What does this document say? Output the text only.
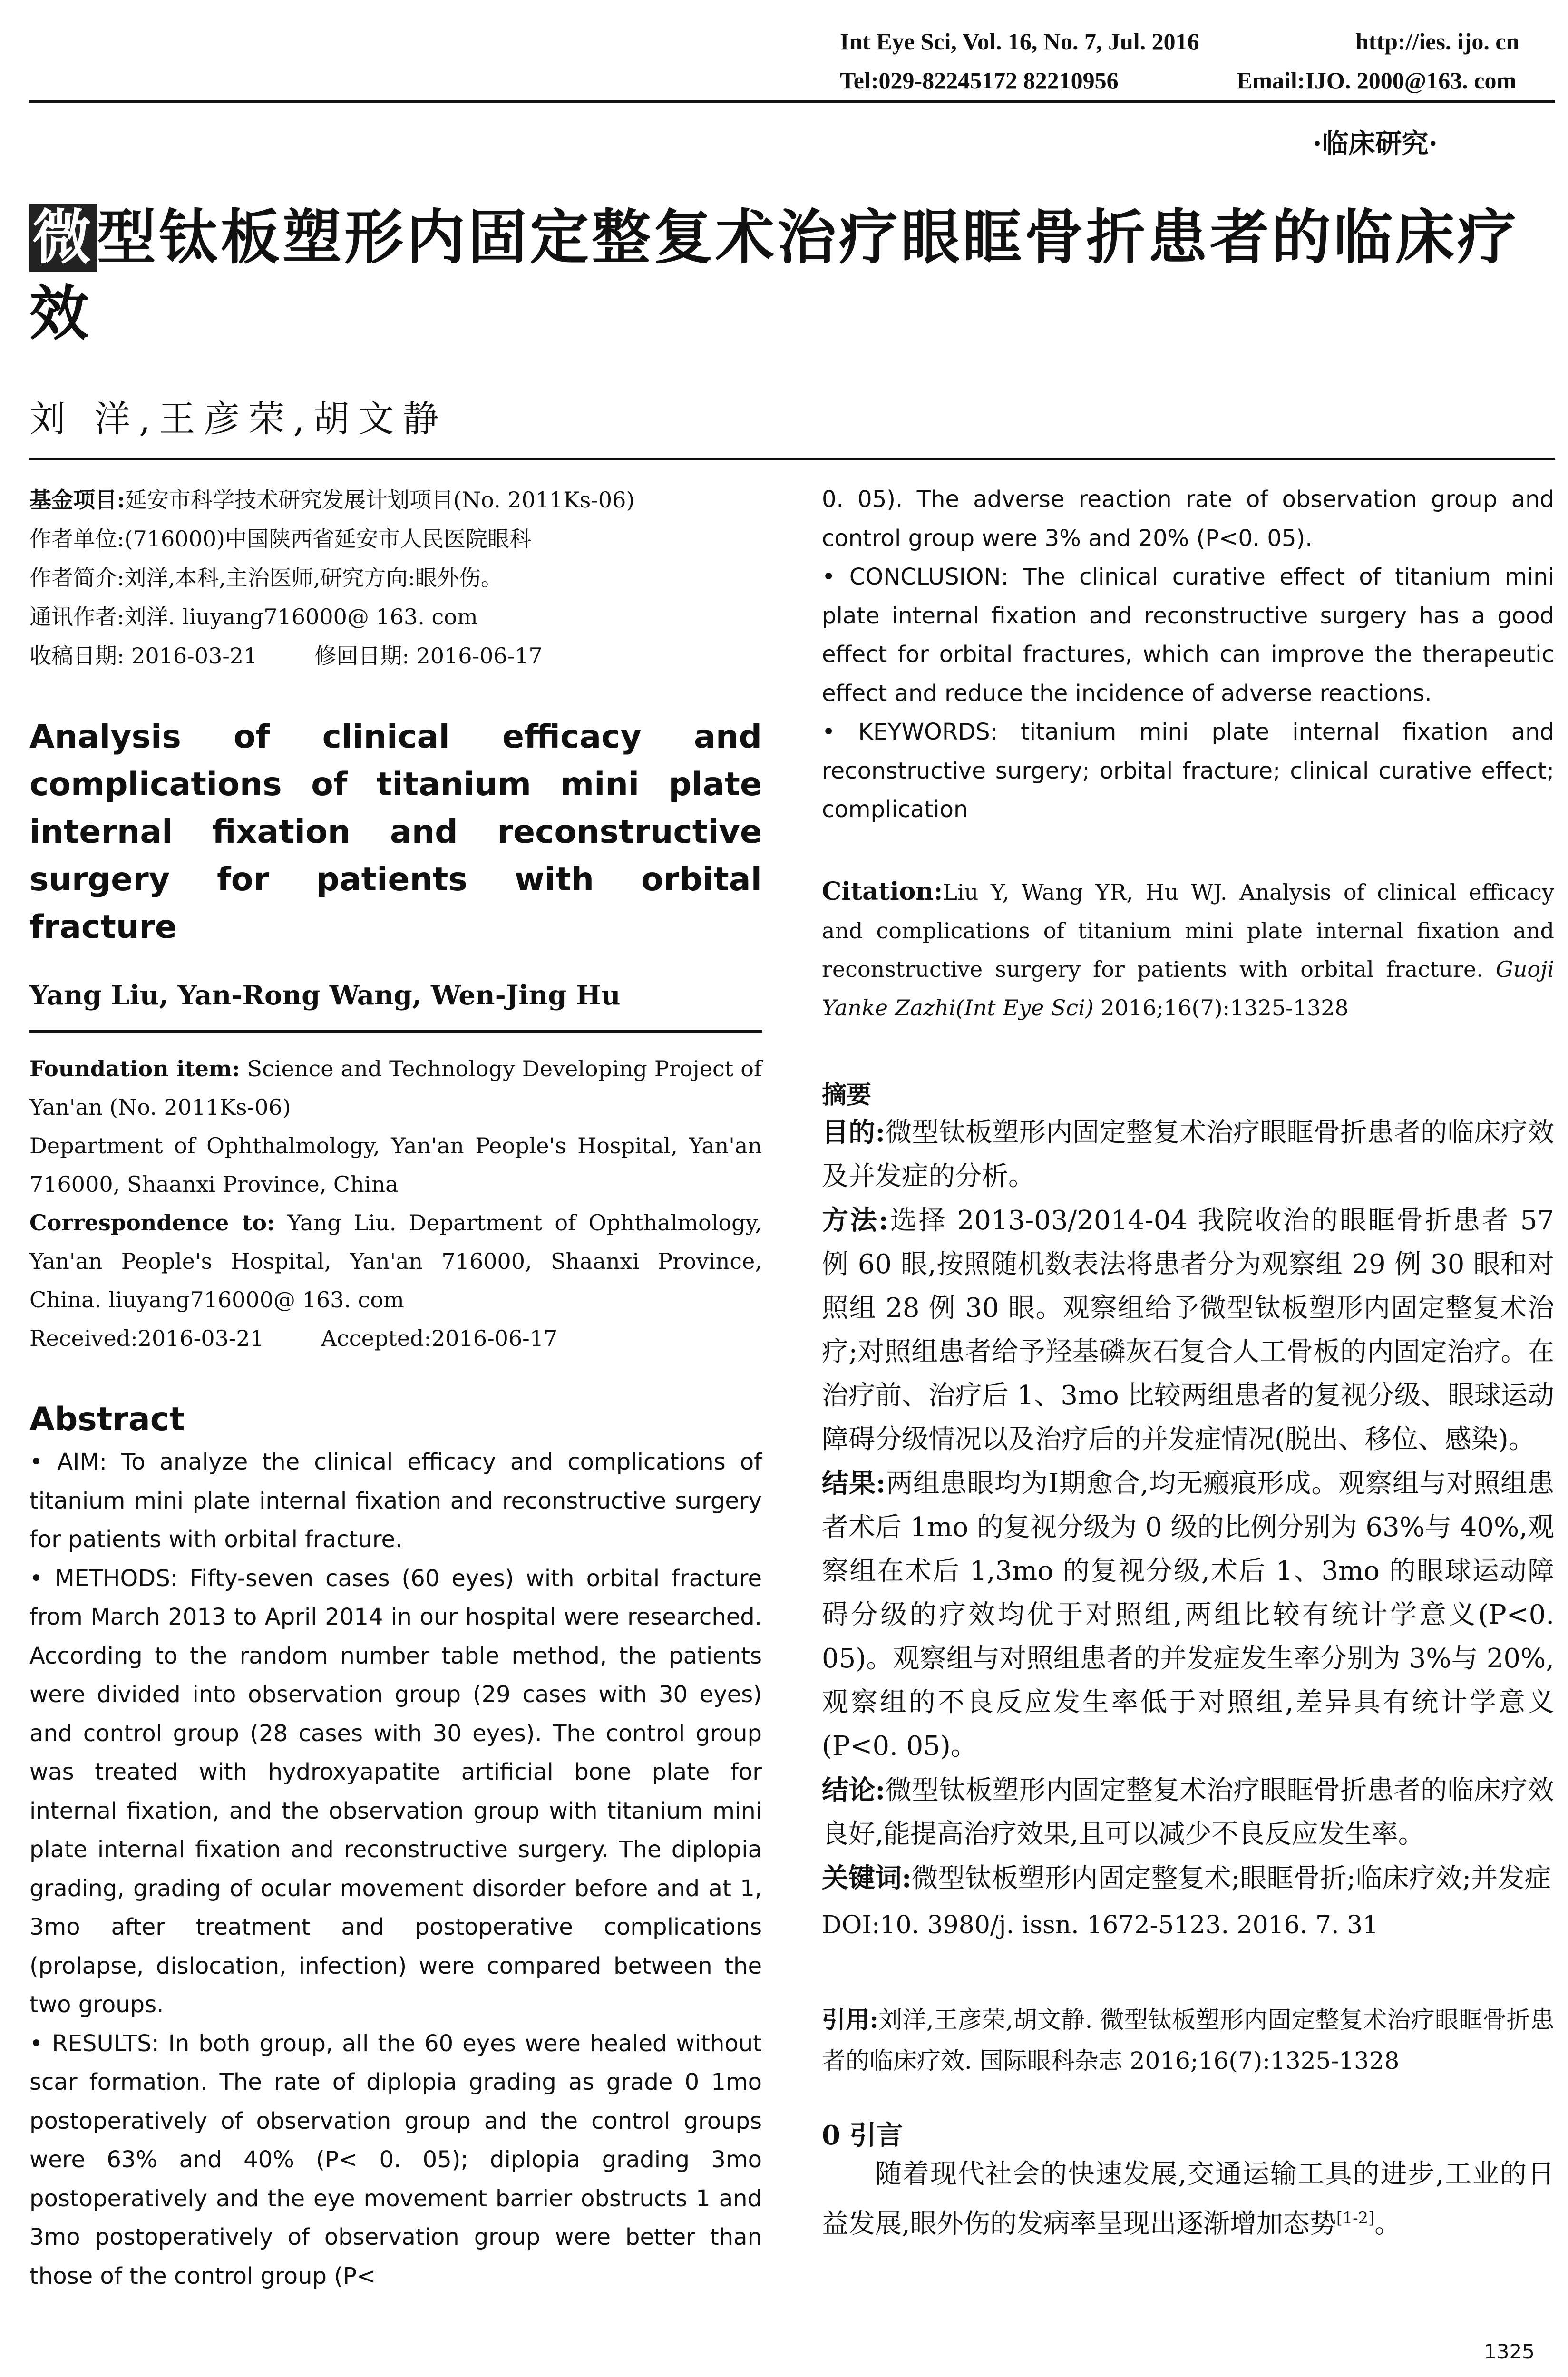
Int Eye Sci, Vol. 16, No. 7, Jul. 2016	http://ies. ijo. cn
Tel:029-82245172 82210956	Email:IJO. 2000@163. com
·临床研究·
微型钛板塑形内固定整复术治疗眼眶骨折患者的临床疗效
刘 洋,王彦荣,胡文静
基金项目:延安市科学技术研究发展计划项目(No. 2011Ks-06)
作者单位:(716000)中国陕西省延安市人民医院眼科
作者简介:刘洋,本科,主治医师,研究方向:眼外伤。
通讯作者:刘洋. liuyang716000@ 163. com
收稿日期: 2016-03-21	修回日期: 2016-06-17
Analysis of clinical efficacy and complications of titanium mini plate internal fixation and reconstructive surgery for patients with orbital fracture
Yang Liu, Yan-Rong Wang, Wen-Jing Hu
Foundation item: Science and Technology Developing Project of Yan'an (No. 2011Ks-06)
Department of Ophthalmology, Yan'an People's Hospital, Yan'an 716000, Shaanxi Province, China
Correspondence to: Yang Liu. Department of Ophthalmology, Yan'an People's Hospital, Yan'an 716000, Shaanxi Province, China. liuyang716000@ 163. com
Received:2016-03-21	Accepted:2016-06-17
Abstract

• AIM: To analyze the clinical efficacy and complications of titanium mini plate internal fixation and reconstructive surgery for patients with orbital fracture.

• METHODS: Fifty-seven cases (60 eyes) with orbital fracture from March 2013 to April 2014 in our hospital were researched. According to the random number table method, the patients were divided into observation group (29 cases with 30 eyes) and control group (28 cases with 30 eyes). The control group was treated with hydroxyapatite artificial bone plate for internal fixation, and the observation group with titanium mini plate internal fixation and reconstructive surgery. The diplopia grading, grading of ocular movement disorder before and at 1, 3mo after treatment and postoperative complications (prolapse, dislocation, infection) were compared between the two groups.

• RESULTS: In both group, all the 60 eyes were healed without scar formation. The rate of diplopia grading as grade 0 1mo postoperatively of observation group and the control groups were 63% and 40% (P< 0. 05); diplopia grading 3mo postoperatively and the eye movement barrier obstructs 1 and 3mo postoperatively of observation group were better than those of the control group (P<

0. 05). The adverse reaction rate of observation group and control group were 3% and 20% (P<0. 05).

• CONCLUSION: The clinical curative effect of titanium mini plate internal fixation and reconstructive surgery has a good effect for orbital fractures, which can improve the therapeutic effect and reduce the incidence of adverse reactions.

• KEYWORDS: titanium mini plate internal fixation and reconstructive surgery; orbital fracture; clinical curative effect; complication

Citation:Liu Y, Wang YR, Hu WJ. Analysis of clinical efficacy and complications of titanium mini plate internal fixation and reconstructive surgery for patients with orbital fracture. Guoji Yanke Zazhi(Int Eye Sci) 2016;16(7):1325-1328
摘要

目的:微型钛板塑形内固定整复术治疗眼眶骨折患者的临床疗效及并发症的分析。

方法:选择 2013-03/2014-04 我院收治的眼眶骨折患者 57 例 60 眼,按照随机数表法将患者分为观察组 29 例 30 眼和对照组 28 例 30 眼。观察组给予微型钛板塑形内固定整复术治疗;对照组患者给予羟基磷灰石复合人工骨板的内固定治疗。在治疗前、治疗后 1、3mo 比较两组患者的复视分级、眼球运动障碍分级情况以及治疗后的并发症情况(脱出、移位、感染)。

结果:两组患眼均为Ⅰ期愈合,均无瘢痕形成。观察组与对照组患者术后 1mo 的复视分级为 0 级的比例分别为 63%与 40%,观察组在术后 1,3mo 的复视分级,术后 1、3mo 的眼球运动障碍分级的疗效均优于对照组,两组比较有统计学意义(P<0. 05)。观察组与对照组患者的并发症发生率分别为 3%与 20%,观察组的不良反应发生率低于对照组,差异具有统计学意义(P<0. 05)。

结论:微型钛板塑形内固定整复术治疗眼眶骨折患者的临床疗效良好,能提高治疗效果,且可以减少不良反应发生率。

关键词:微型钛板塑形内固定整复术;眼眶骨折;临床疗效;并发症

DOI:10. 3980/j. issn. 1672-5123. 2016. 7. 31
引用:刘洋,王彦荣,胡文静. 微型钛板塑形内固定整复术治疗眼眶骨折患者的临床疗效. 国际眼科杂志 2016;16(7):1325-1328
0 引言

随着现代社会的快速发展,交通运输工具的进步,工业的日益发展,眼外伤的发病率呈现出逐渐增加态势[1-2]。

1325
